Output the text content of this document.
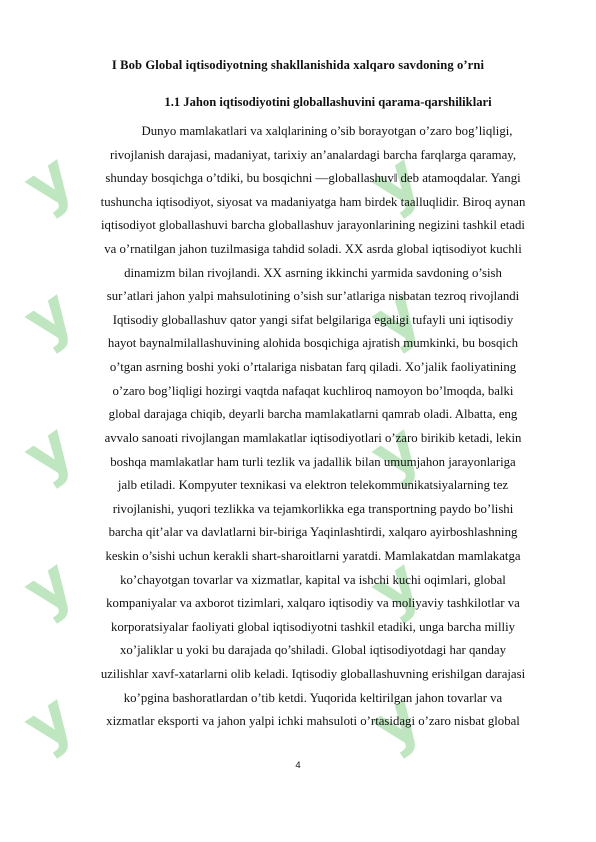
y
y
y
y
y
y
y
y
y
y
I Bob Global iqtisodiyotning shakllanishida xalqaro savdoning o’rni
1.1 Jahon iqtisodiyotini globallashuvini qarama-qarshiliklari
Dunyo mamlakatlari va xalqlarining o’sib borayotgan o’zaro bog’liqligi,
rivojlanish darajasi, madaniyat, tarixiy an’analardagi barcha farqlarga qaramay,
shunday bosqichga o’tdiki, bu bosqichni ―globallashuvǁ deb atamoqdalar. Yangi
tushuncha iqtisodiyot, siyosat va madaniyatga ham birdek taalluqlidir. Biroq aynan
iqtisodiyot globallashuvi barcha globallashuv jarayonlarining negizini tashkil etadi
va o’rnatilgan jahon tuzilmasiga tahdid soladi. XX asrda global iqtisodiyot kuchli
dinamizm bilan rivojlandi. XX asrning ikkinchi yarmida savdoning o’sish
sur’atlari jahon yalpi mahsulotining o’sish sur’atlariga nisbatan tezroq rivojlandi
Iqtisodiy globallashuv qator yangi sifat belgilariga egaligi tufayli uni iqtisodiy
hayot baynalmilallashuvining alohida bosqichiga ajratish mumkinki, bu bosqich
o’tgan asrning boshi yoki o’rtalariga nisbatan farq qiladi. Xo’jalik faoliyatining
o’zaro bog’liqligi hozirgi vaqtda nafaqat kuchliroq namoyon bo’lmoqda, balki
global darajaga chiqib, deyarli barcha mamlakatlarni qamrab oladi. Albatta, eng
avvalo sanoati rivojlangan mamlakatlar iqtisodiyotlari o’zaro birikib ketadi, lekin
boshqa mamlakatlar ham turli tezlik va jadallik bilan umumjahon jarayonlariga
jalb etiladi. Kompyuter texnikasi va elektron telekommunikatsiyalarning tez
rivojlanishi, yuqori tezlikka va tejamkorlikka ega transportning paydo bo’lishi
barcha qit’alar va davlatlarni bir-biriga Yaqinlashtirdi, xalqaro ayirboshlashning
keskin o’sishi uchun kerakli shart-sharoitlarni yaratdi. Mamlakatdan mamlakatga
ko’chayotgan tovarlar va xizmatlar, kapital va ishchi kuchi oqimlari, global
kompaniyalar va axborot tizimlari, xalqaro iqtisodiy va moliyaviy tashkilotlar va
korporatsiyalar faoliyati global iqtisodiyotni tashkil etadiki, unga barcha milliy
xo’jaliklar u yoki bu darajada qo’shiladi. Global iqtisodiyotdagi har qanday
uzilishlar xavf-xatarlarni olib keladi. Iqtisodiy globallashuvning erishilgan darajasi
ko’pgina bashoratlardan o’tib ketdi. Yuqorida keltirilgan jahon tovarlar va
xizmatlar eksporti va jahon yalpi ichki mahsuloti o’rtasidagi o’zaro nisbat global
4
